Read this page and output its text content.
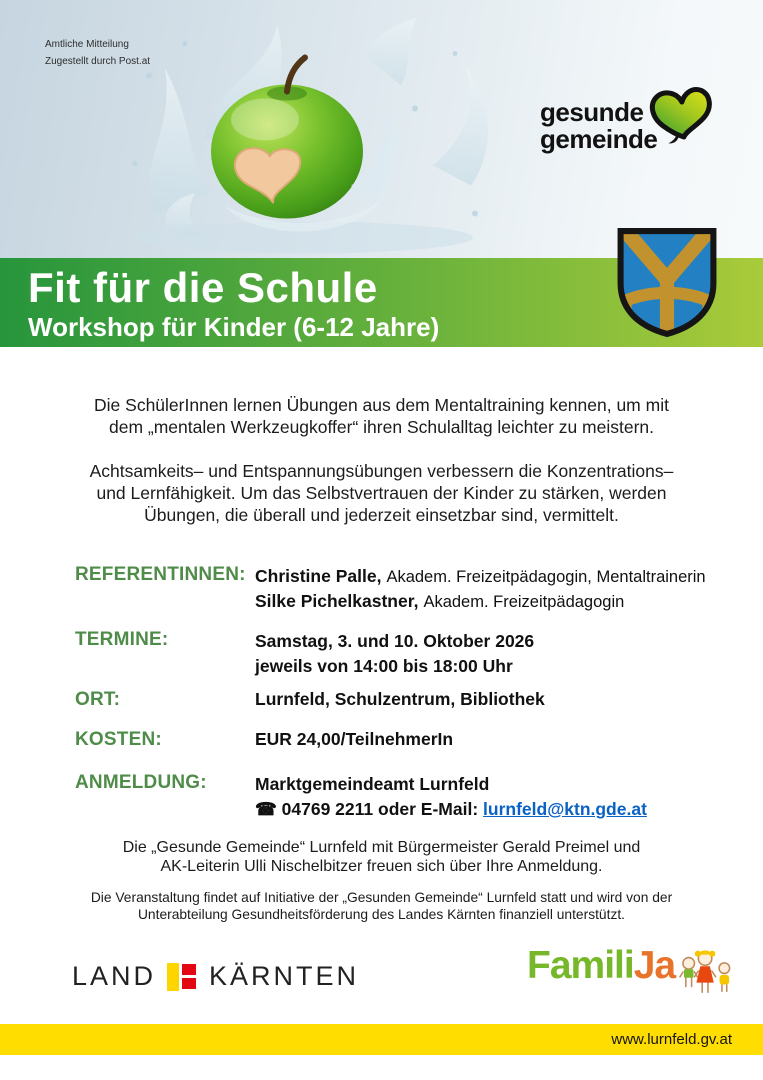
Amtliche Mitteilung
Zugestellt durch Post.at
gesunde
gemeinde
Fit für die Schule
Workshop für Kinder (6-12 Jahre)
Die SchülerInnen lernen Übungen aus dem Mentaltraining kennen, um mit
dem „mentalen Werkzeugkoffer“ ihren Schulalltag leichter zu meistern.
Achtsamkeits– und Entspannungsübungen verbessern die Konzentrations–
und Lernfähigkeit. Um das Selbstvertrauen der Kinder zu stärken, werden
Übungen, die überall und jederzeit einsetzbar sind, vermittelt.
REFERENTINNEN: Christine Palle, Akadem. Freizeitpädagogin, Mentaltrainerin
Silke Pichelkastner, Akadem. Freizeitpädagogin
TERMINE:	Samstag, 3. und 10. Oktober 2026
jeweils von 14:00 bis 18:00 Uhr
ORT:	Lurnfeld, Schulzentrum, Bibliothek
KOSTEN:	EUR 24,00/TeilnehmerIn
ANMELDUNG:	Marktgemeindeamt Lurnfeld
☎ 04769 2211 oder E-Mail: lurnfeld@ktn.gde.at
Die „Gesunde Gemeinde“ Lurnfeld mit Bürgermeister Gerald Preimel und
AK-Leiterin Ulli Nischelbitzer freuen sich über Ihre Anmeldung.
Die Veranstaltung findet auf Initiative der „Gesunden Gemeinde“ Lurnfeld statt und wird von der
Unterabteilung Gesundheitsförderung des Landes Kärnten finanziell unterstützt.
LAND KÄRNTEN	FamiliJa
www.lurnfeld.gv.at
